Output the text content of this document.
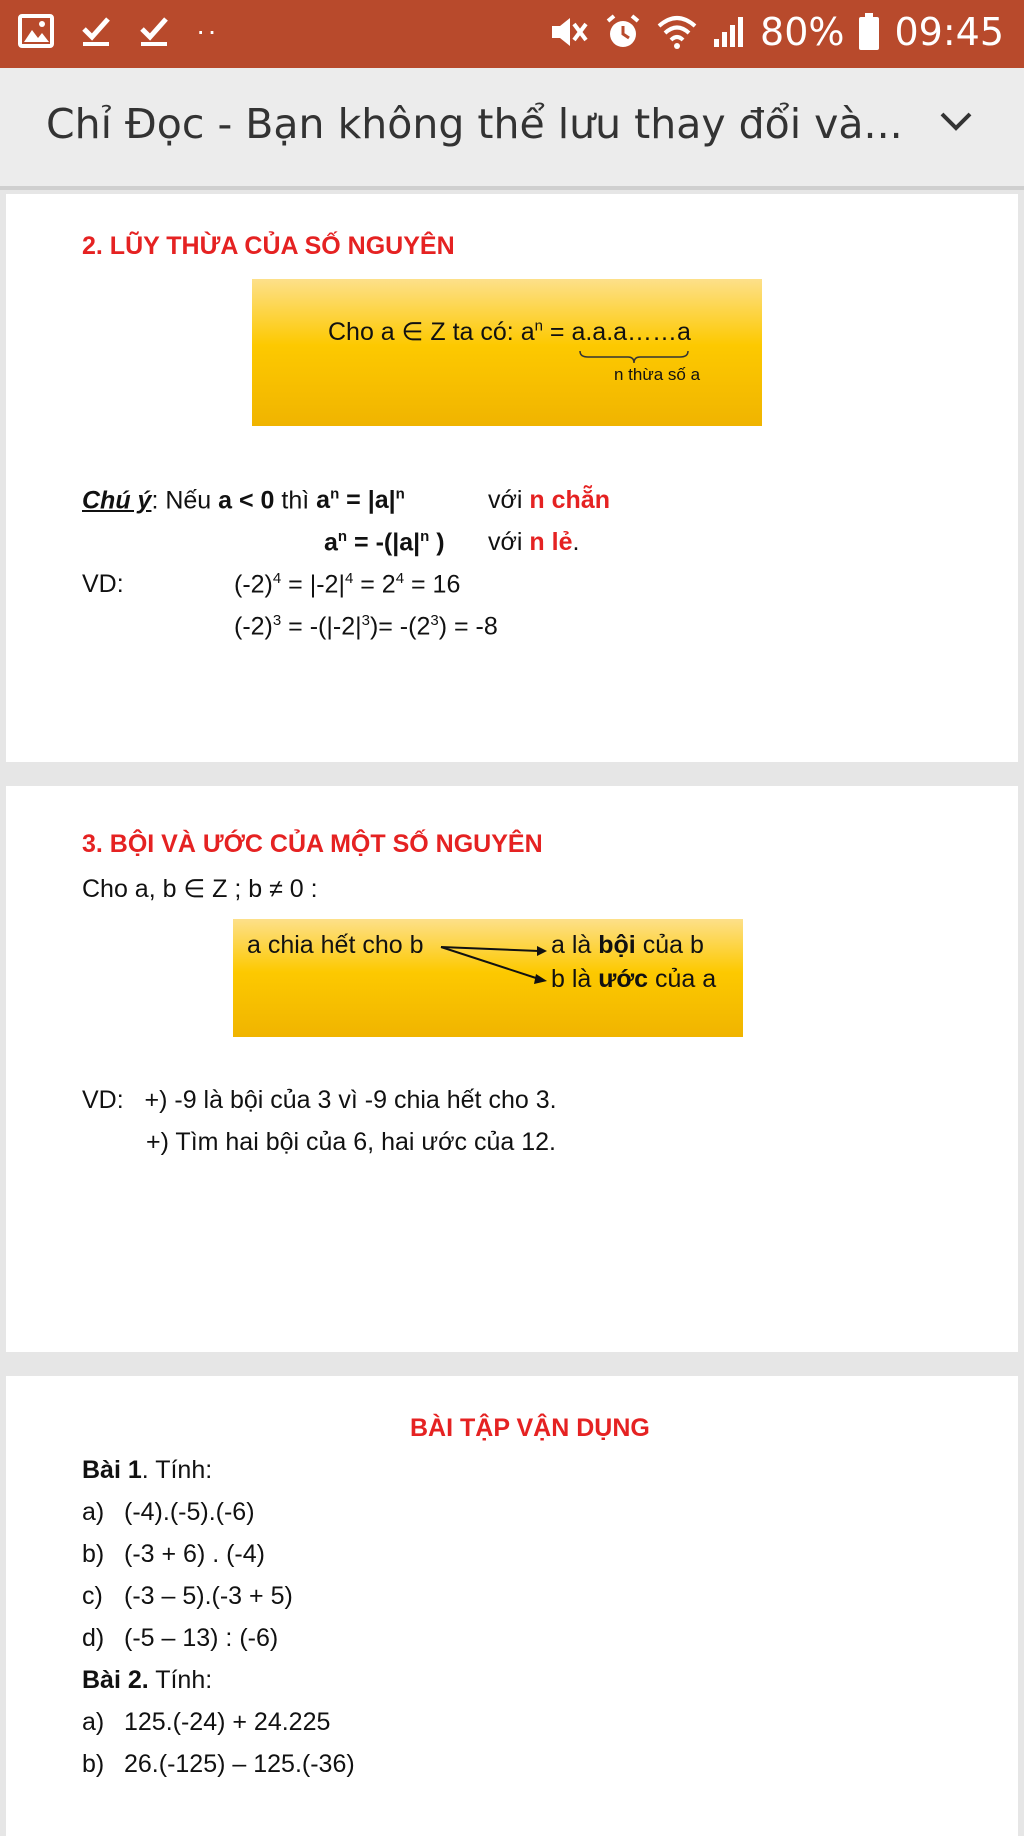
··	80% 09:45
Chỉ Đọc - Bạn không thể lưu thay đổi và...
2. LŨY THỪA CỦA SỐ NGUYÊN
Cho a ∈ Z ta có: $a^n$ = a.a.a……a
n thừa số a
Chú ý: Nếu a < 0 thì $a^n = |a|^n$	với n chẵn
$a^n = -(|a|^n$ ) với n lẻ.
VD:	$(-2)^4 = |-2|^4 = 2^4 = 16$
$(-2)^3 = -(|-2|^3)= -(2^3) = -8$
3. BỘI VÀ ƯỚC CỦA MỘT SỐ NGUYÊN
Cho a, b ∈ Z ; b ≠ 0 :
a chia hết cho b	a là bội của b
b là ước của a
VD:   +) -9 là bội của 3 vì -9 chia hết cho 3.
+) Tìm hai bội của 6, hai ước của 12.
BÀI TẬP VẬN DỤNG
Bài 1. Tính:
a) (-4).(-5).(-6)
b) (-3 + 6) . (-4)
c) (-3 – 5).(-3 + 5)
d) (-5 – 13) : (-6)
Bài 2. Tính:
a) 125.(-24) + 24.225
b) 26.(-125) – 125.(-36)
